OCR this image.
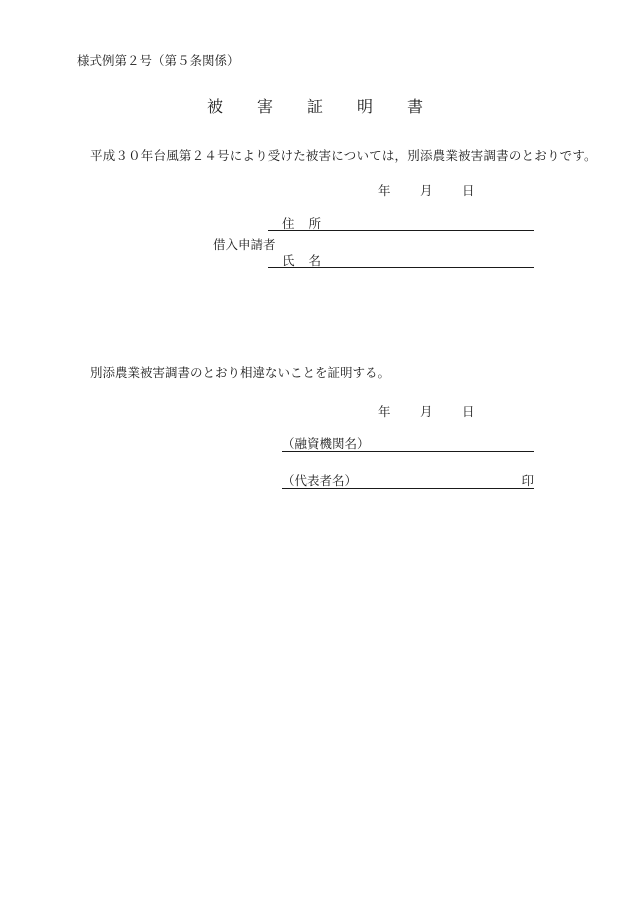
様式例第２号（第５条関係）
被害証明書
平成３０年台風第２４号により受けた被害については，別添農業被害調書のとおりです。
年 月 日
住 所
借入申請者
氏 名
別添農業被害調書のとおり相違ないことを証明する。
年 月 日
（融資機関名）
（代表者名）	印
